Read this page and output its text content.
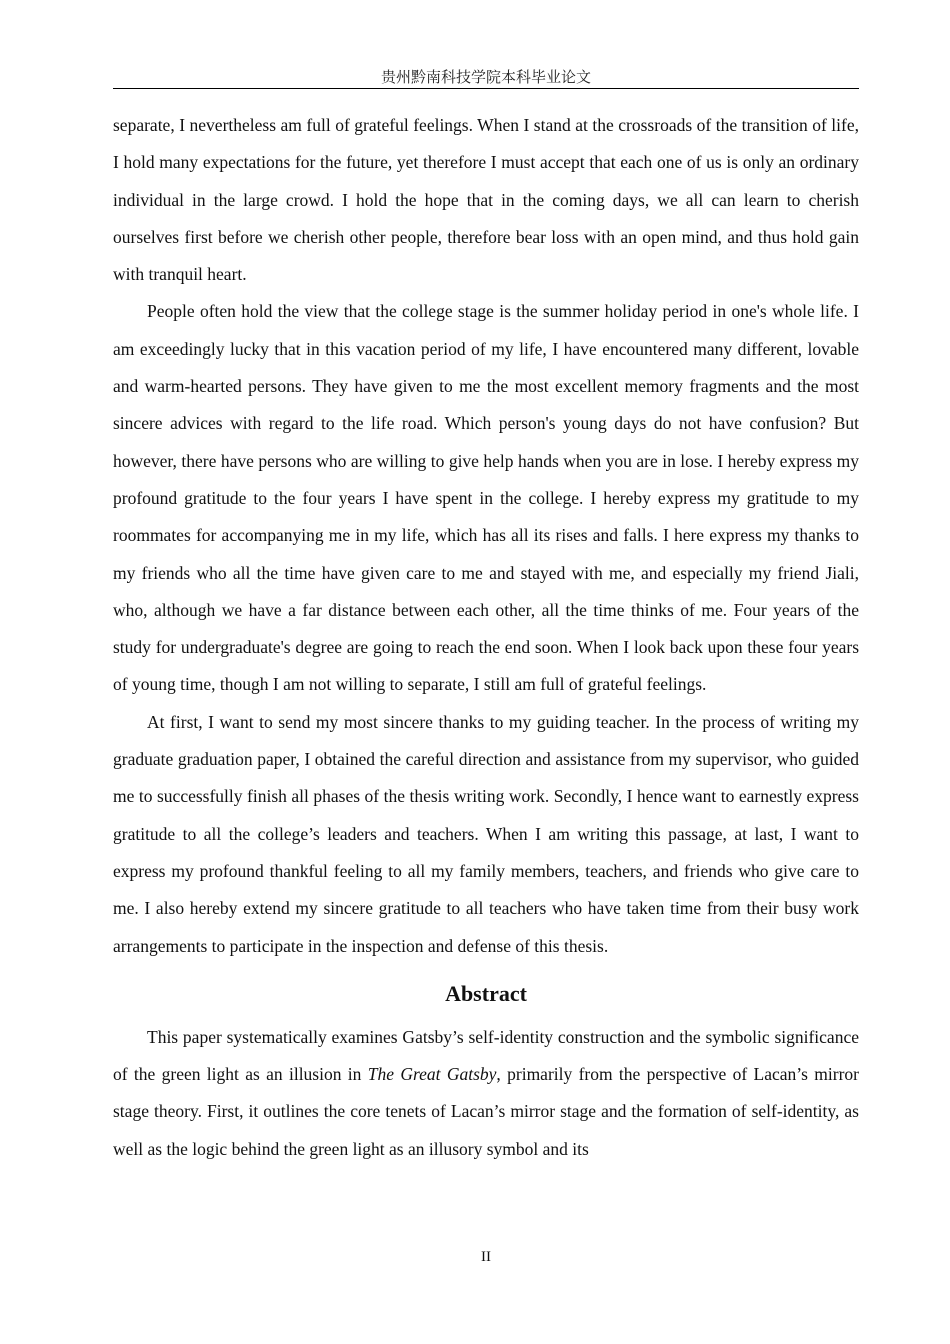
贵州黔南科技学院本科毕业论文

separate, I nevertheless am full of grateful feelings. When I stand at the crossroads of the transition of life, I hold many expectations for the future, yet therefore I must accept that each one of us is only an ordinary individual in the large crowd. I hold the hope that in the coming days, we all can learn to cherish ourselves first before we cherish other people, therefore bear loss with an open mind, and thus hold gain with tranquil heart.

People often hold the view that the college stage is the summer holiday period in one's whole life. I am exceedingly lucky that in this vacation period of my life, I have encountered many different, lovable and warm-hearted persons. They have given to me the most excellent memory fragments and the most sincere advices with regard to the life road. Which person's young days do not have confusion? But however, there have persons who are willing to give help hands when you are in lose. I hereby express my profound gratitude to the four years I have spent in the college. I hereby express my gratitude to my roommates for accompanying me in my life, which has all its rises and falls. I here express my thanks to my friends who all the time have given care to me and stayed with me, and especially my friend Jiali, who, although we have a far distance between each other, all the time thinks of me. Four years of the study for undergraduate's degree are going to reach the end soon. When I look back upon these four years of young time, though I am not willing to separate, I still am full of grateful feelings.

At first, I want to send my most sincere thanks to my guiding teacher. In the process of writing my graduate graduation paper, I obtained the careful direction and assistance from my supervisor, who guided me to successfully finish all phases of the thesis writing work. Secondly, I hence want to earnestly express gratitude to all the college’s leaders and teachers. When I am writing this passage, at last, I want to express my profound thankful feeling to all my family members, teachers, and friends who give care to me. I also hereby extend my sincere gratitude to all teachers who have taken time from their busy work arrangements to participate in the inspection and defense of this thesis.

Abstract

This paper systematically examines Gatsby’s self-identity construction and the symbolic significance of the green light as an illusion in The Great Gatsby, primarily from the perspective of Lacan’s mirror stage theory. First, it outlines the core tenets of Lacan’s mirror stage and the formation of self-identity, as well as the logic behind the green light as an illusory symbol and its

II
